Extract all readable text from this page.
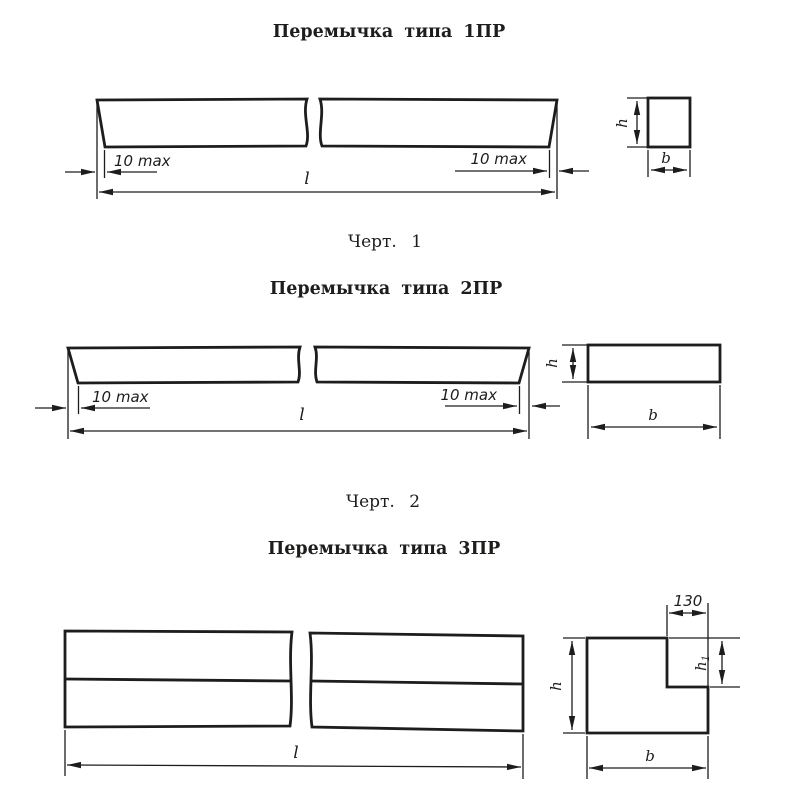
Перемычка типа 1ПР
10 max	10 max
l
h
b
Черт. 1
Перемычка типа 2ПР
10 max	10 max
l
h
b
Черт. 2
Перемычка типа 3ПР
l
130
$h_1$
h
b
